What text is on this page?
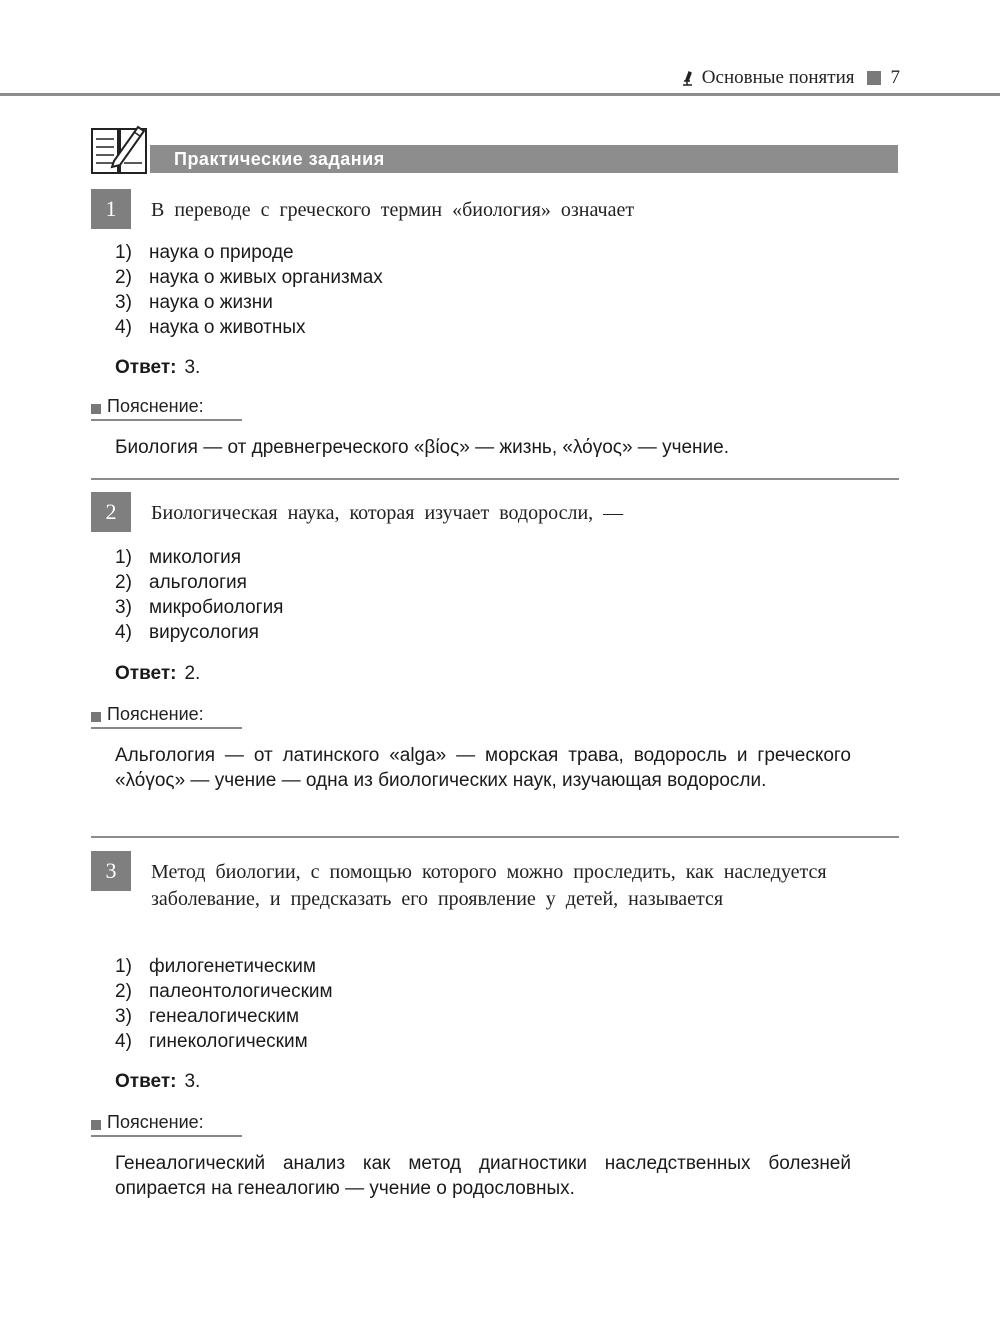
Основные понятия 7
Практические задания
1	В переводе с греческого термин «биология» означает
1) наука о природе
2) наука о живых организмах
3) наука о жизни
4) наука о животных
Ответ: 3.
Пояснение:
Биология — от древнегреческого «βίος» — жизнь, «λόγος» — учение.
2	Биологическая наука, которая изучает водоросли, —
1) микология
2) альгология
3) микробиология
4) вирусология
Ответ: 2.
Пояснение:
Альгология — от латинского «alga» — морская трава, водоросль и греческого «λόγος» — учение — одна из биологических наук, изучающая водоросли.
3	Метод биологии, с помощью которого можно проследить, как наследуется заболевание, и предсказать его проявление у детей, называется
1) филогенетическим
2) палеонтологическим
3) генеалогическим
4) гинекологическим
Ответ: 3.
Пояснение:
Генеалогический анализ как метод диагностики наследственных болезней опирается на генеалогию — учение о родословных.
